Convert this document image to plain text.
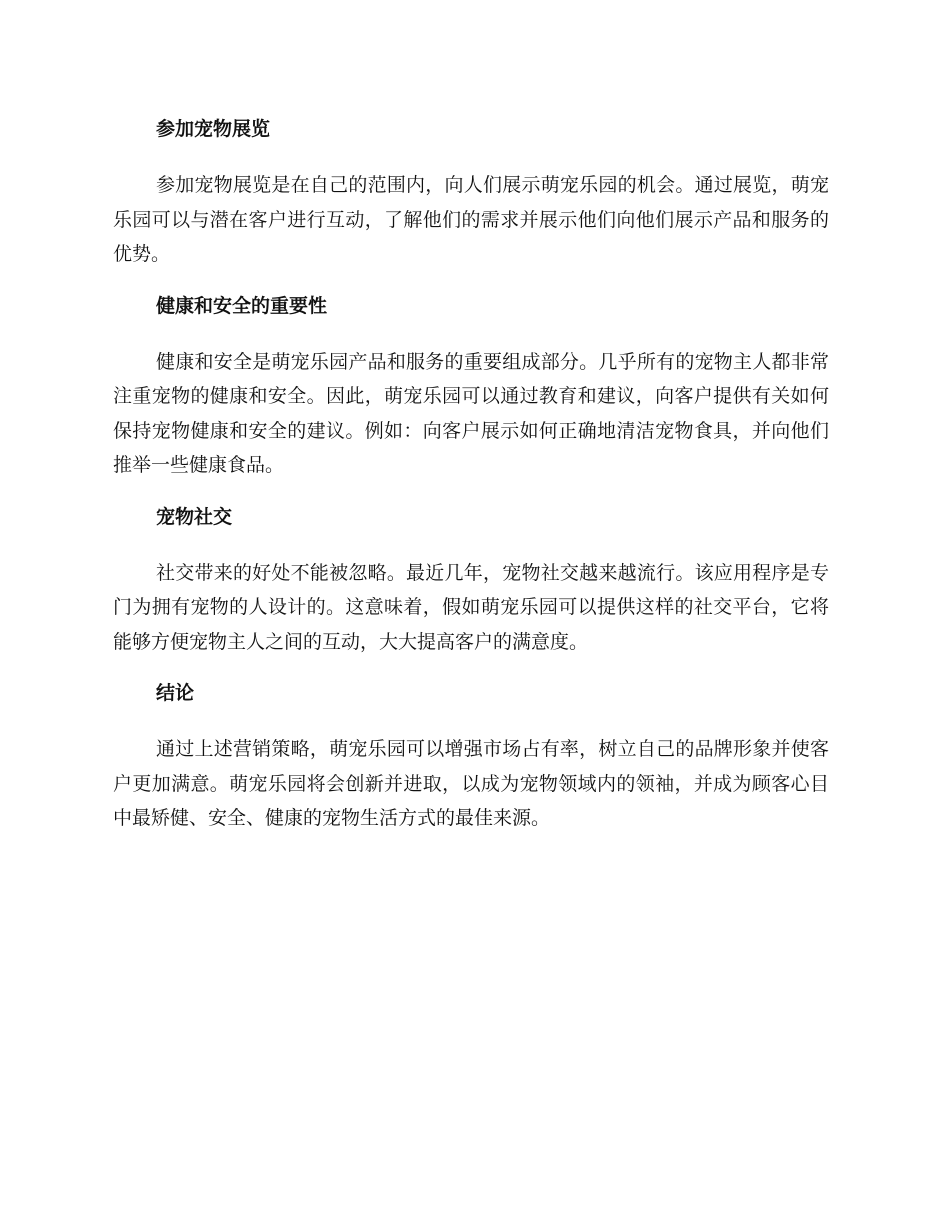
参加宠物展览

参加宠物展览是在自己的范围内，向人们展示萌宠乐园的机会。通过展览，萌宠乐园可以与潜在客户进行互动，了解他们的需求并展示他们向他们展示产品和服务的优势。

健康和安全的重要性

健康和安全是萌宠乐园产品和服务的重要组成部分。几乎所有的宠物主人都非常注重宠物的健康和安全。因此，萌宠乐园可以通过教育和建议，向客户提供有关如何保持宠物健康和安全的建议。例如：向客户展示如何正确地清洁宠物食具，并向他们推举一些健康食品。

宠物社交

社交带来的好处不能被忽略。最近几年，宠物社交越来越流行。该应用程序是专门为拥有宠物的人设计的。这意味着，假如萌宠乐园可以提供这样的社交平台，它将能够方便宠物主人之间的互动，大大提高客户的满意度。

结论

通过上述营销策略，萌宠乐园可以增强市场占有率，树立自己的品牌形象并使客户更加满意。萌宠乐园将会创新并进取，以成为宠物领域内的领袖，并成为顾客心目中最矫健、安全、健康的宠物生活方式的最佳来源。
